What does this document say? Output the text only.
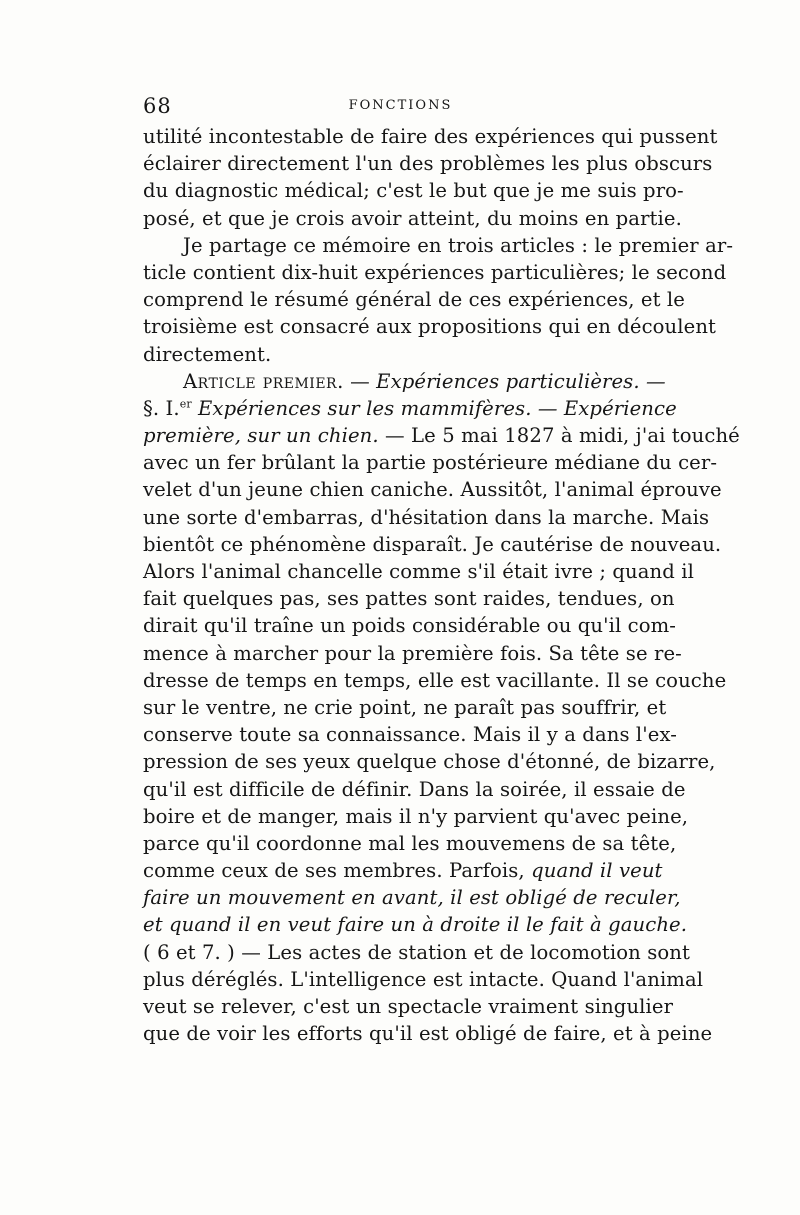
68	FONCTIONS
utilité incontestable de faire des expériences qui pussent
éclairer directement l'un des problèmes les plus obscurs
du diagnostic médical; c'est le but que je me suis pro-
posé, et que je crois avoir atteint, du moins en partie.
Je partage ce mémoire en trois articles : le premier ar-
ticle contient dix-huit expériences particulières; le second
comprend le résumé général de ces expériences, et le
troisième est consacré aux propositions qui en découlent
directement.
Article premier. — Expériences particulières. —
§. I.$^{er}$ Expériences sur les mammifères. — Expérience
première, sur un chien. — Le 5 mai 1827 à midi, j'ai touché
avec un fer brûlant la partie postérieure médiane du cer-
velet d'un jeune chien caniche. Aussitôt, l'animal éprouve
une sorte d'embarras, d'hésitation dans la marche. Mais
bientôt ce phénomène disparaît. Je cautérise de nouveau.
Alors l'animal chancelle comme s'il était ivre ; quand il
fait quelques pas, ses pattes sont raides, tendues, on
dirait qu'il traîne un poids considérable ou qu'il com-
mence à marcher pour la première fois. Sa tête se re-
dresse de temps en temps, elle est vacillante. Il se couche
sur le ventre, ne crie point, ne paraît pas souffrir, et
conserve toute sa connaissance. Mais il y a dans l'ex-
pression de ses yeux quelque chose d'étonné, de bizarre,
qu'il est difficile de définir. Dans la soirée, il essaie de
boire et de manger, mais il n'y parvient qu'avec peine,
parce qu'il coordonne mal les mouvemens de sa tête,
comme ceux de ses membres. Parfois, quand il veut
faire un mouvement en avant, il est obligé de reculer,
et quand il en veut faire un à droite il le fait à gauche.
( 6 et 7. ) — Les actes de station et de locomotion sont
plus déréglés. L'intelligence est intacte. Quand l'animal
veut se relever, c'est un spectacle vraiment singulier
que de voir les efforts qu'il est obligé de faire, et à peine
